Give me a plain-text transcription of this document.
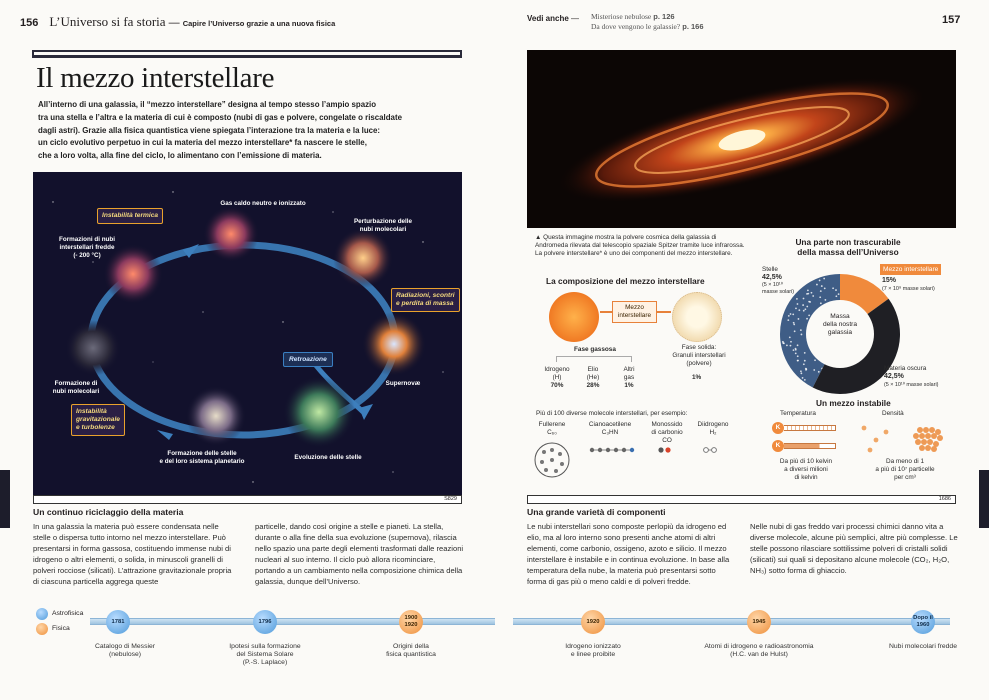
156 L’Universo si fa storia — Capire l’Universo grazie a una nuova fisica
Vedi anche — Misteriose nebulose p. 126
Da dove vengono le galassie? p. 166
157
Il mezzo interstellare
All’interno di una galassia, il “mezzo interstellare” designa al tempo stesso l’ampio spazio
tra una stella e l’altra e la materia di cui è composto (nubi di gas e polvere, congelate o riscaldate
dagli astri). Grazie alla fisica quantistica viene spiegata l’interazione tra la materia e la luce:
un ciclo evolutivo perpetuo in cui la materia del mezzo interstellare* fa nascere le stelle,
che a loro volta, alla fine del ciclo, lo alimentano con l’emissione di materia.
Gas caldo neutro e ionizzato
Perturbazione delle
nubi molecolari
Formazioni di nubi
interstellari fredde
(- 200 °C)
Formazione di
nubi molecolari
Formazione delle stelle
e del loro sistema planetario
Evoluzione delle stelle
Supernovæ
Instabilità termica
Radiazioni, scontri
e perdita di massa
Retroazione
Instabilità
gravitazionale
e turbolenze
S829
Un continuo riciclaggio della materia

In una galassia la materia può essere condensata nelle stelle o dispersa tutto intorno nel mezzo interstellare. Può presentarsi in forma gassosa, costituendo immense nubi di idrogeno o altri elementi, o solida, in minuscoli granelli di polveri rocciose (silicati). L’attrazione gravitazionale propria di ciascuna particella aggrega queste

particelle, dando così origine a stelle e pianeti. La stella, durante o alla fine della sua evoluzione (supernova), rilascia nello spazio una parte degli elementi trasformati dalle reazioni nucleari al suo interno. Il ciclo può allora ricominciare, portando a un cambiamento nella composizione chimica della galassia, dunque dell’Universo.

▲ Questa immagine mostra la polvere cosmica della galassia di Andromeda rilevata dal telescopio spaziale Spitzer tramite luce infrarossa. La polvere interstellare* è uno dei componenti del mezzo interstellare.

La composizione del mezzo interstellare
Mezzo
interstellare
Fase gassosa	Fase solida:
Granuli interstellari
(polvere)
1%
Idrogeno
(H)
70%
Elio
(He)
28%
Altri
gas
1%
Più di 100 diverse molecole interstellari, per esempio:
Fullerene
C₆₀
Cianoacetilene
C₃HN
Monossido
di carbonio
CO
Diidrogeno
H₂
Una parte non trascurabile
della massa dell’Universo
Massa
della nostra
galassia
Stelle
42,5%
(5 × 10¹⁰
masse solari)
Mezzo interstellare
15%
(7 × 10⁹ masse solari)
Materia oscura
42,5%
(5 × 10¹⁰ masse solari)
Un mezzo instabile
Temperatura	Densità
K
K
Da più di 10 kelvin
a diversi milioni
di kelvin
Da meno di 1
a più di 10⁷ particelle
per cm³
1686
Una grande varietà di componenti

Le nubi interstellari sono composte perlopiù da idrogeno ed elio, ma al loro interno sono presenti anche atomi di altri elementi, come carbonio, ossigeno, azoto e silicio. Il mezzo interstellare è instabile e in continua evoluzione. In base alla temperatura della nube, la materia può presentarsi sotto forma di gas più o meno caldi e di polveri fredde.

Nelle nubi di gas freddo vari processi chimici danno vita a diverse molecole, alcune più semplici, altre più complesse. Le stelle possono rilasciare sottilissime polveri di cristalli solidi (silicati) sui quali si depositano alcune molecole (CO₂, H₂O, NH₃) sotto forma di ghiaccio.

Astrofisica
Fisica
1781
Catalogo di Messier
(nebulose)
1796
Ipotesi sulla formazione
del Sistema Solare
(P.-S. Laplace)
1900
1920
Origini della
fisica quantistica
1920
Idrogeno ionizzato
e linee proibite
1945
Atomi di idrogeno e radioastronomia
(H.C. van de Hulst)
Dopo il
1960
Nubi molecolari fredde
